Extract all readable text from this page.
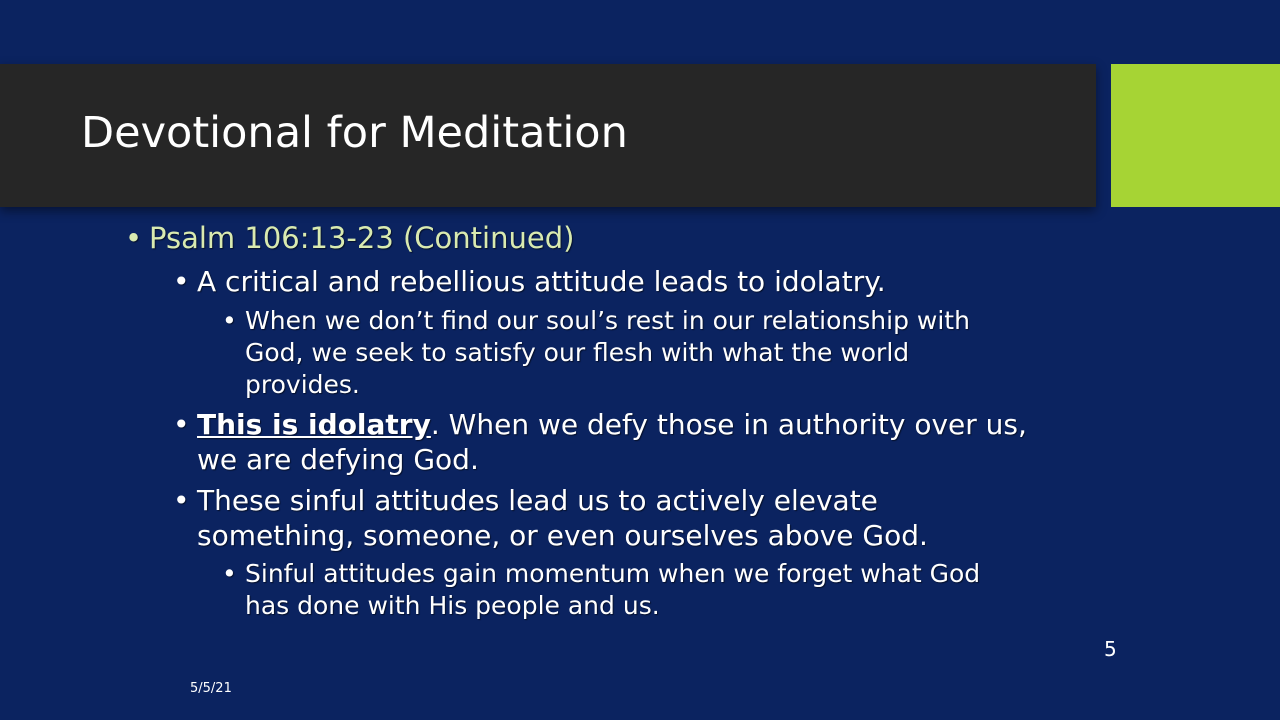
Devotional for Meditation
• Psalm 106:13-23 (Continued)
• A critical and rebellious attitude leads to idolatry.
• When we don’t find our soul’s rest in our relationship with
God, we seek to satisfy our flesh with what the world
provides.
• This is idolatry. When we defy those in authority over us,
we are defying God.
• These sinful attitudes lead us to actively elevate
something, someone, or even ourselves above God.
• Sinful attitudes gain momentum when we forget what God
has done with His people and us.
5
5/5/21
